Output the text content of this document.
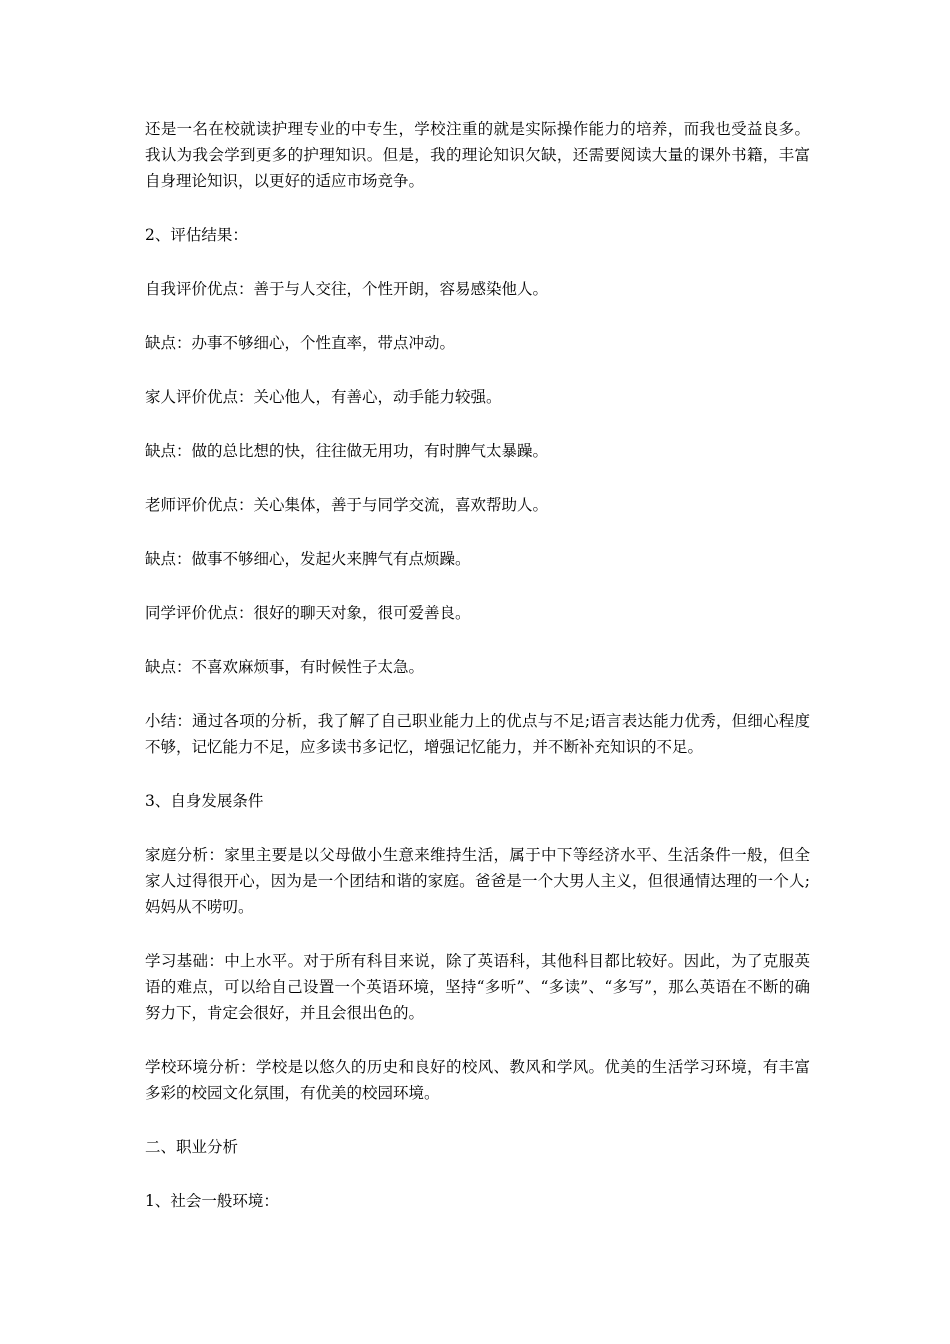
还是一名在校就读护理专业的中专生，学校注重的就是实际操作能力的培养，而我也受益良多。我认为我会学到更多的护理知识。但是，我的理论知识欠缺，还需要阅读大量的课外书籍，丰富自身理论知识，以更好的适应市场竞争。

2、评估结果：

自我评价优点：善于与人交往，个性开朗，容易感染他人。

缺点：办事不够细心，个性直率，带点冲动。

家人评价优点：关心他人，有善心，动手能力较强。

缺点：做的总比想的快，往往做无用功，有时脾气太暴躁。

老师评价优点：关心集体，善于与同学交流，喜欢帮助人。

缺点：做事不够细心，发起火来脾气有点烦躁。

同学评价优点：很好的聊天对象，很可爱善良。

缺点：不喜欢麻烦事，有时候性子太急。

小结：通过各项的分析，我了解了自己职业能力上的优点与不足;语言表达能力优秀，但细心程度不够，记忆能力不足，应多读书多记忆，增强记忆能力，并不断补充知识的不足。

3、自身发展条件

家庭分析：家里主要是以父母做小生意来维持生活，属于中下等经济水平、生活条件一般，但全家人过得很开心，因为是一个团结和谐的家庭。爸爸是一个大男人主义，但很通情达理的一个人;妈妈从不唠叨。

学习基础：中上水平。对于所有科目来说，除了英语科，其他科目都比较好。因此，为了克服英语的难点，可以给自己设置一个英语环境，坚持“多听”、“多读”、“多写”，那么英语在不断的确努力下，肯定会很好，并且会很出色的。

学校环境分析：学校是以悠久的历史和良好的校风、教风和学风。优美的生活学习环境，有丰富多彩的校园文化氛围，有优美的校园环境。

二、职业分析

1、社会一般环境：
